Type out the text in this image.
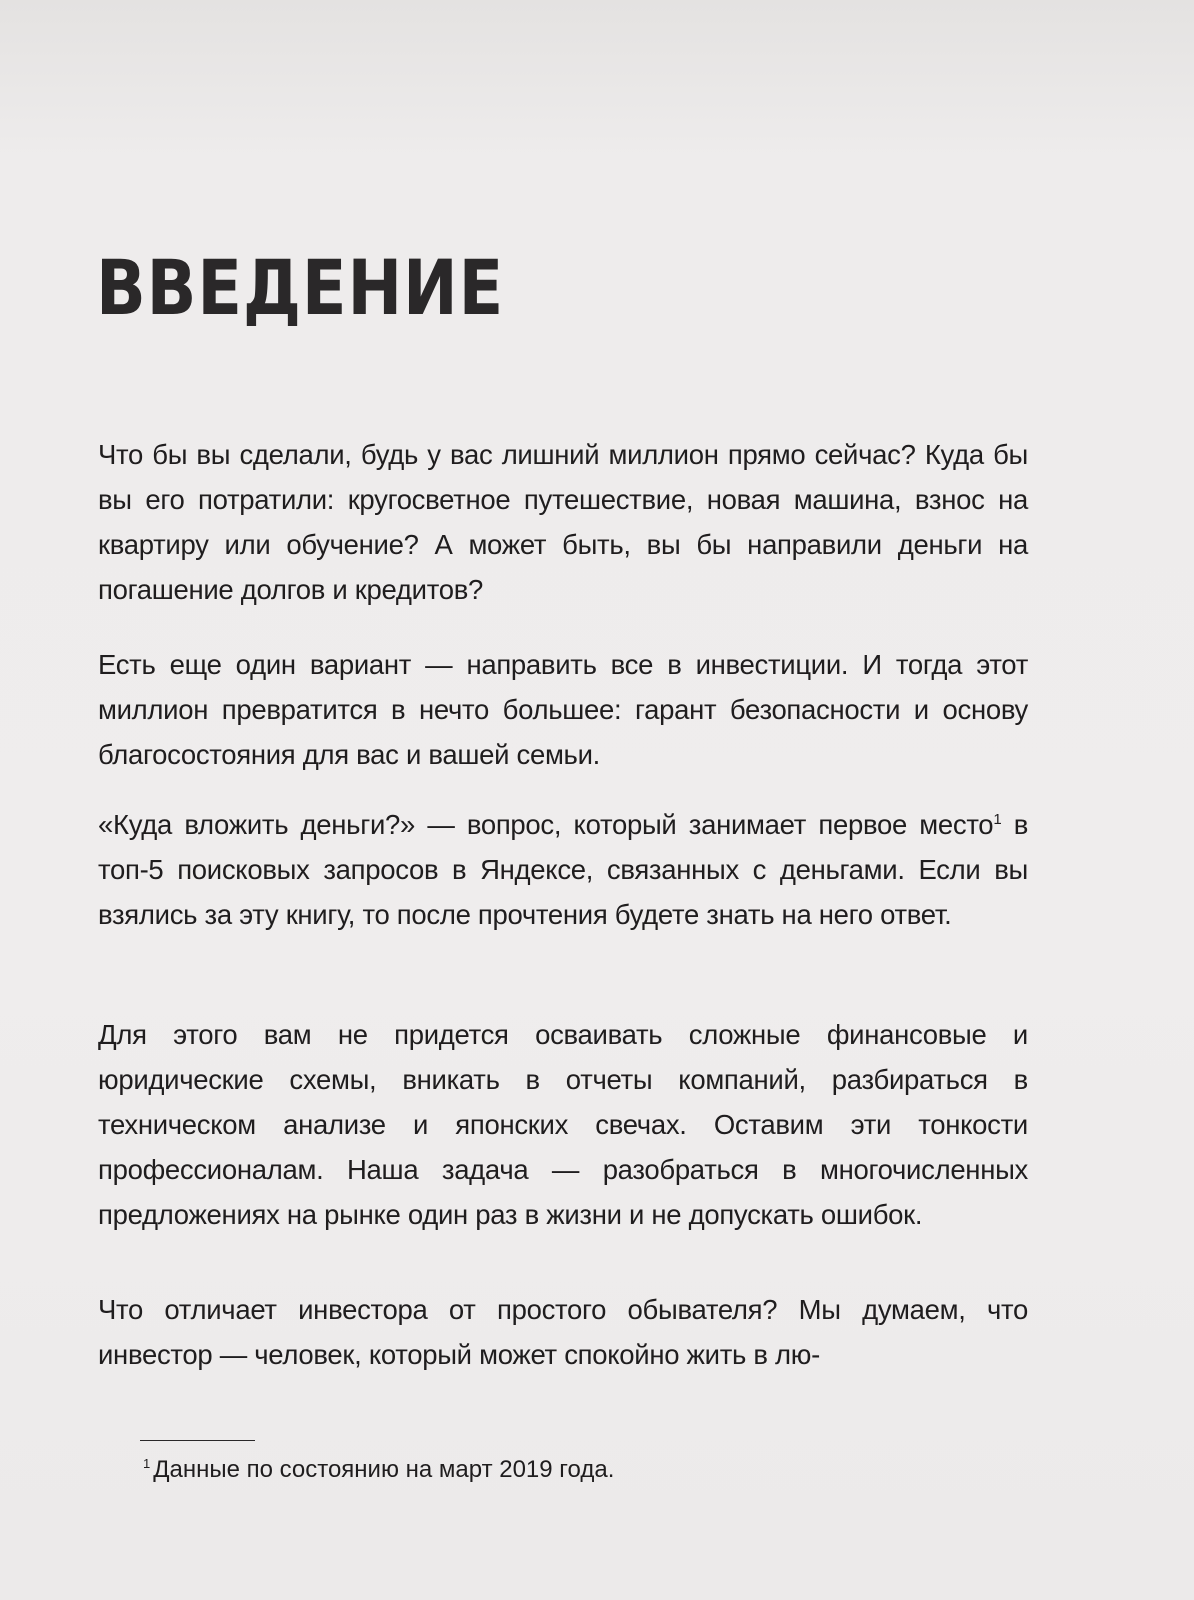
ВВЕДЕНИЕ

Что бы вы сделали, будь у вас лишний миллион прямо сейчас? Куда бы вы его потратили: кругосветное путешествие, новая машина, взнос на квартиру или обучение? А может быть, вы бы направили деньги на погашение долгов и кредитов?

Есть еще один вариант — направить все в инвестиции. И тогда этот миллион превратится в нечто большее: гарант безопасности и основу благосостояния для вас и вашей семьи.

«Куда вложить деньги?» — вопрос, который занимает первое место$^1$ в топ-5 поисковых запросов в Яндексе, связанных с деньгами. Если вы взялись за эту книгу, то после прочтения будете знать на него ответ.

Для этого вам не придется осваивать сложные финансовые и юридические схемы, вникать в отчеты компаний, разбираться в техническом анализе и японских свечах. Оставим эти тонкости профессионалам. Наша задача — разобраться в многочисленных предложениях на рынке один раз в жизни и не допускать ошибок.

Что отличает инвестора от простого обывателя? Мы думаем, что инвестор — человек, который может спокойно жить в лю-

$^1$ Данные по состоянию на март 2019 года.
